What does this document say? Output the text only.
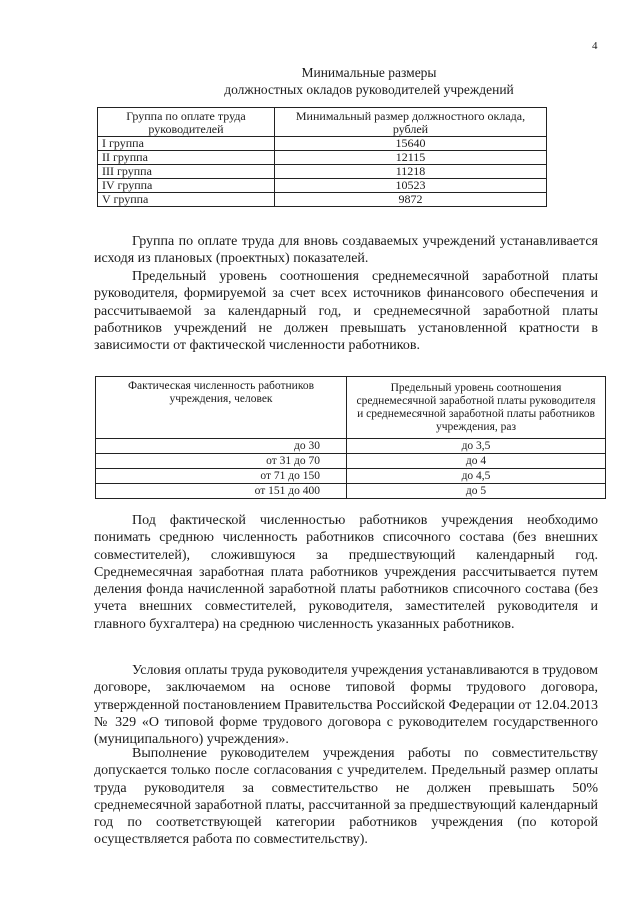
4
Минимальные размеры
должностных окладов руководителей учреждений
Группа по оплате труда руководителей	Минимальный размер должностного оклада, рублей
I группа	15640
II группа	12115
III группа	11218
IV группа	10523
V группа	9872

Группа по оплате труда для вновь создаваемых учреждений устанавливается исходя из плановых (проектных) показателей.

Предельный уровень соотношения среднемесячной заработной платы руководителя, формируемой за счет всех источников финансового обеспечения и рассчитываемой за календарный год, и среднемесячной заработной платы работников учреждений не должен превышать установленной кратности в зависимости от фактической численности работников.

Фактическая численность работников учреждения, человек	Предельный уровень соотношения среднемесячной заработной платы руководителя и среднемесячной заработной платы работников учреждения, раз
до 30	до 3,5
от 31 до 70	до 4
от 71 до 150	до 4,5
от 151 до 400	до 5

Под фактической численностью работников учреждения необходимо понимать среднюю численность работников списочного состава (без внешних совместителей), сложившуюся за предшествующий календарный год. Среднемесячная заработная плата работников учреждения рассчитывается путем деления фонда начисленной заработной платы работников списочного состава (без учета внешних совместителей, руководителя, заместителей руководителя и главного бухгалтера) на среднюю численность указанных работников.

Условия оплаты труда руководителя учреждения устанавливаются в трудовом договоре, заключаемом на основе типовой формы трудового договора, утвержденной постановлением Правительства Российской Федерации от 12.04.2013 № 329 «О типовой форме трудового договора с руководителем государственного (муниципального) учреждения».

Выполнение руководителем учреждения работы по совместительству допускается только после согласования с учредителем. Предельный размер оплаты труда руководителя за совместительство не должен превышать 50% среднемесячной заработной платы, рассчитанной за предшествующий календарный год по соответствующей категории работников учреждения (по которой осуществляется работа по совместительству).
